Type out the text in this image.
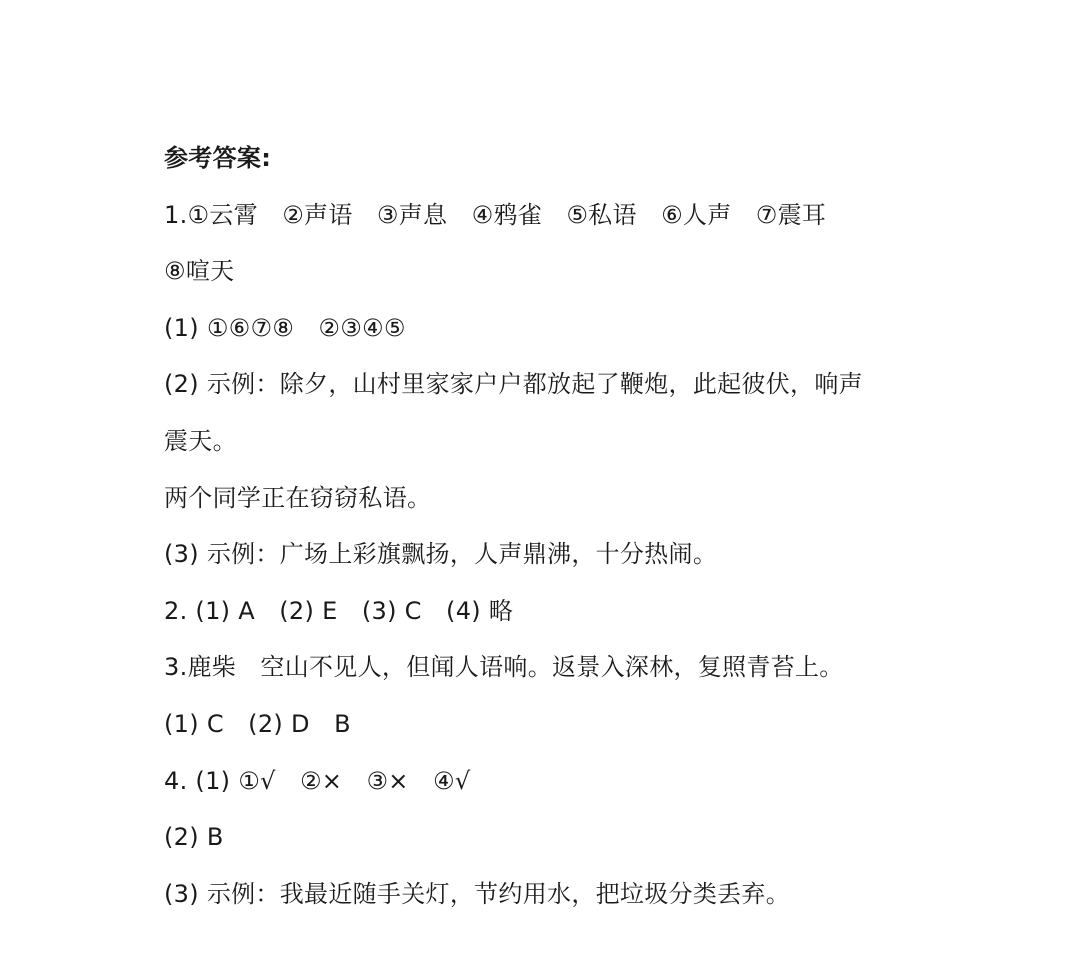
参考答案:
1.①云霄　②声语　③声息　④鸦雀　⑤私语　⑥人声　⑦震耳
⑧喧天
(1) ①⑥⑦⑧　②③④⑤
(2) 示例：除夕，山村里家家户户都放起了鞭炮，此起彼伏，响声
震天。
两个同学正在窃窃私语。
(3) 示例：广场上彩旗飘扬，人声鼎沸，十分热闹。
2. (1) A　(2) E　(3) C　(4) 略
3.鹿柴　空山不见人，但闻人语响。返景入深林，复照青苔上。
(1) C　(2) D　B
4. (1) ①√　②×　③×　④√
(2) B
(3) 示例：我最近随手关灯，节约用水，把垃圾分类丢弃。
